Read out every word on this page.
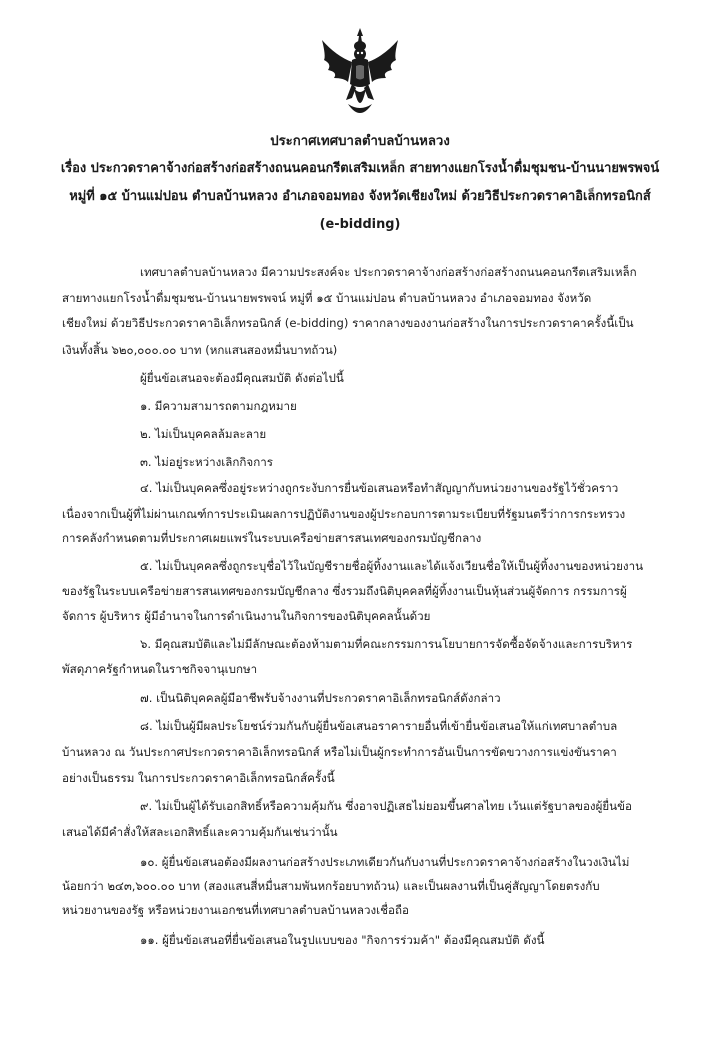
ประกาศเทศบาลตำบลบ้านหลวง
เรื่อง ประกวดราคาจ้างก่อสร้างก่อสร้างถนนคอนกรีตเสริมเหล็ก สายทางแยกโรงน้ำดื่มชุมชน-บ้านนายพรพจน์ หมู่ที่ ๑๕ บ้านแม่ปอน ตำบลบ้านหลวง อำเภอจอมทอง จังหวัดเชียงใหม่ ด้วยวิธีประกวดราคาอิเล็กทรอนิกส์ (e-bidding)
เทศบาลตำบลบ้านหลวง มีความประสงค์จะ ประกวดราคาจ้างก่อสร้างก่อสร้างถนนคอนกรีตเสริมเหล็ก
สายทางแยกโรงน้ำดื่มชุมชน-บ้านนายพรพจน์ หมู่ที่ ๑๕ บ้านแม่ปอน ตำบลบ้านหลวง อำเภอจอมทอง จังหวัด
เชียงใหม่ ด้วยวิธีประกวดราคาอิเล็กทรอนิกส์ (e-bidding) ราคากลางของงานก่อสร้างในการประกวดราคาครั้งนี้เป็น
เงินทั้งสิ้น ๖๒๐,๐๐๐.๐๐ บาท (หกแสนสองหมื่นบาทถ้วน)
ผู้ยื่นข้อเสนอจะต้องมีคุณสมบัติ ดังต่อไปนี้
๑. มีความสามารถตามกฎหมาย
๒. ไม่เป็นบุคคลล้มละลาย
๓. ไม่อยู่ระหว่างเลิกกิจการ
๔. ไม่เป็นบุคคลซึ่งอยู่ระหว่างถูกระงับการยื่นข้อเสนอหรือทำสัญญากับหน่วยงานของรัฐไว้ชั่วคราว
เนื่องจากเป็นผู้ที่ไม่ผ่านเกณฑ์การประเมินผลการปฏิบัติงานของผู้ประกอบการตามระเบียบที่รัฐมนตรีว่าการกระทรวง
การคลังกำหนดตามที่ประกาศเผยแพร่ในระบบเครือข่ายสารสนเทศของกรมบัญชีกลาง
๕. ไม่เป็นบุคคลซึ่งถูกระบุชื่อไว้ในบัญชีรายชื่อผู้ทิ้งงานและได้แจ้งเวียนชื่อให้เป็นผู้ทิ้งงานของหน่วยงาน
ของรัฐในระบบเครือข่ายสารสนเทศของกรมบัญชีกลาง ซึ่งรวมถึงนิติบุคคลที่ผู้ทิ้งงานเป็นหุ้นส่วนผู้จัดการ กรรมการผู้
จัดการ ผู้บริหาร ผู้มีอำนาจในการดำเนินงานในกิจการของนิติบุคคลนั้นด้วย
๖. มีคุณสมบัติและไม่มีลักษณะต้องห้ามตามที่คณะกรรมการนโยบายการจัดซื้อจัดจ้างและการบริหาร
พัสดุภาครัฐกำหนดในราชกิจจานุเบกษา
๗. เป็นนิติบุคคลผู้มีอาชีพรับจ้างงานที่ประกวดราคาอิเล็กทรอนิกส์ดังกล่าว
๘. ไม่เป็นผู้มีผลประโยชน์ร่วมกันกับผู้ยื่นข้อเสนอราคารายอื่นที่เข้ายื่นข้อเสนอให้แก่เทศบาลตำบล
บ้านหลวง ณ วันประกาศประกวดราคาอิเล็กทรอนิกส์ หรือไม่เป็นผู้กระทำการอันเป็นการขัดขวางการแข่งขันราคา
อย่างเป็นธรรม ในการประกวดราคาอิเล็กทรอนิกส์ครั้งนี้
๙. ไม่เป็นผู้ได้รับเอกสิทธิ์หรือความคุ้มกัน ซึ่งอาจปฏิเสธไม่ยอมขึ้นศาลไทย เว้นแต่รัฐบาลของผู้ยื่นข้อ
เสนอได้มีคำสั่งให้สละเอกสิทธิ์และความคุ้มกันเช่นว่านั้น
๑๐. ผู้ยื่นข้อเสนอต้องมีผลงานก่อสร้างประเภทเดียวกันกับงานที่ประกวดราคาจ้างก่อสร้างในวงเงินไม่
น้อยกว่า ๒๔๓,๖๐๐.๐๐ บาท (สองแสนสี่หมื่นสามพันหกร้อยบาทถ้วน) และเป็นผลงานที่เป็นคู่สัญญาโดยตรงกับ
หน่วยงานของรัฐ หรือหน่วยงานเอกชนที่เทศบาลตำบลบ้านหลวงเชื่อถือ
๑๑. ผู้ยื่นข้อเสนอที่ยื่นข้อเสนอในรูปแบบของ "กิจการร่วมค้า" ต้องมีคุณสมบัติ ดังนี้
